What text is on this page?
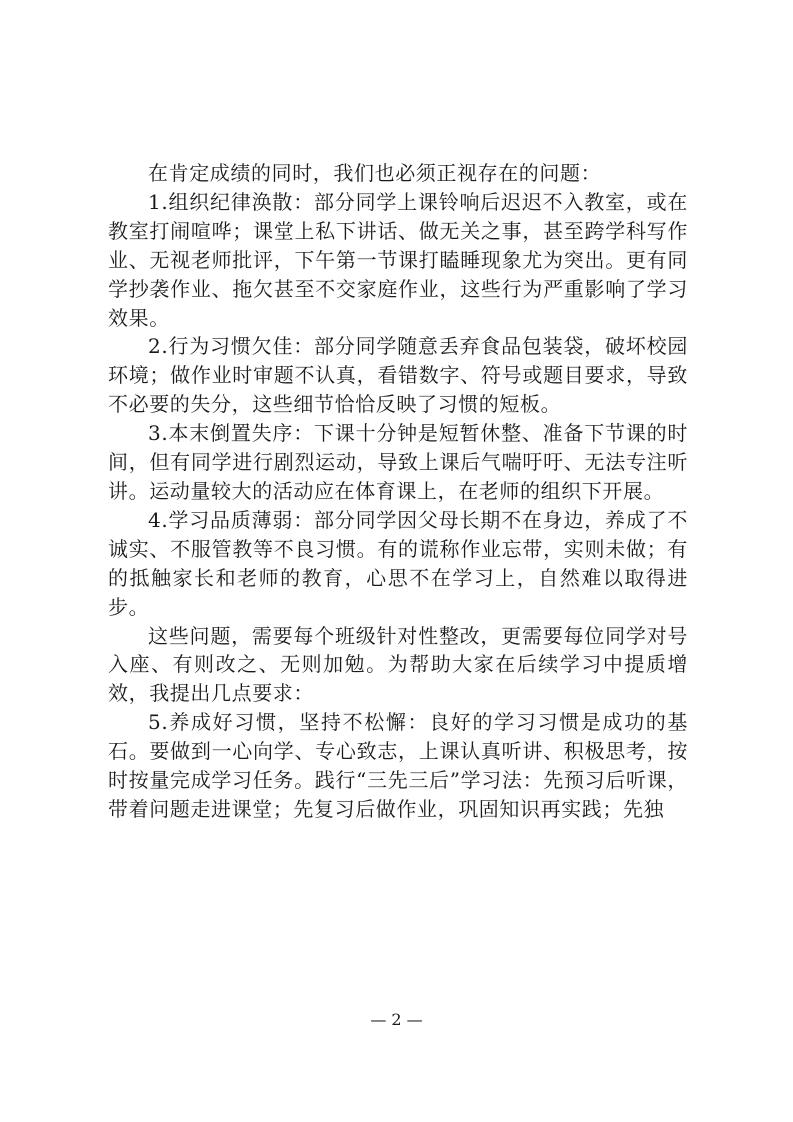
在肯定成绩的同时，我们也必须正视存在的问题：

1.组织纪律涣散：部分同学上课铃响后迟迟不入教室，或在教室打闹喧哗；课堂上私下讲话、做无关之事，甚至跨学科写作业、无视老师批评，下午第一节课打瞌睡现象尤为突出。更有同学抄袭作业、拖欠甚至不交家庭作业，这些行为严重影响了学习效果。

2.行为习惯欠佳：部分同学随意丢弃食品包装袋，破坏校园环境；做作业时审题不认真，看错数字、符号或题目要求，导致不必要的失分，这些细节恰恰反映了习惯的短板。

3.本末倒置失序：下课十分钟是短暂休整、准备下节课的时间，但有同学进行剧烈运动，导致上课后气喘吁吁、无法专注听讲。运动量较大的活动应在体育课上，在老师的组织下开展。

4.学习品质薄弱：部分同学因父母长期不在身边，养成了不诚实、不服管教等不良习惯。有的谎称作业忘带，实则未做；有的抵触家长和老师的教育，心思不在学习上，自然难以取得进步。

这些问题，需要每个班级针对性整改，更需要每位同学对号入座、有则改之、无则加勉。为帮助大家在后续学习中提质增效，我提出几点要求：

5.养成好习惯，坚持不松懈：良好的学习习惯是成功的基石。要做到一心向学、专心致志，上课认真听讲、积极思考，按时按量完成学习任务。践行“三先三后”学习法：先预习后听课，带着问题走进课堂；先复习后做作业，巩固知识再实践；先独

— 2 —
